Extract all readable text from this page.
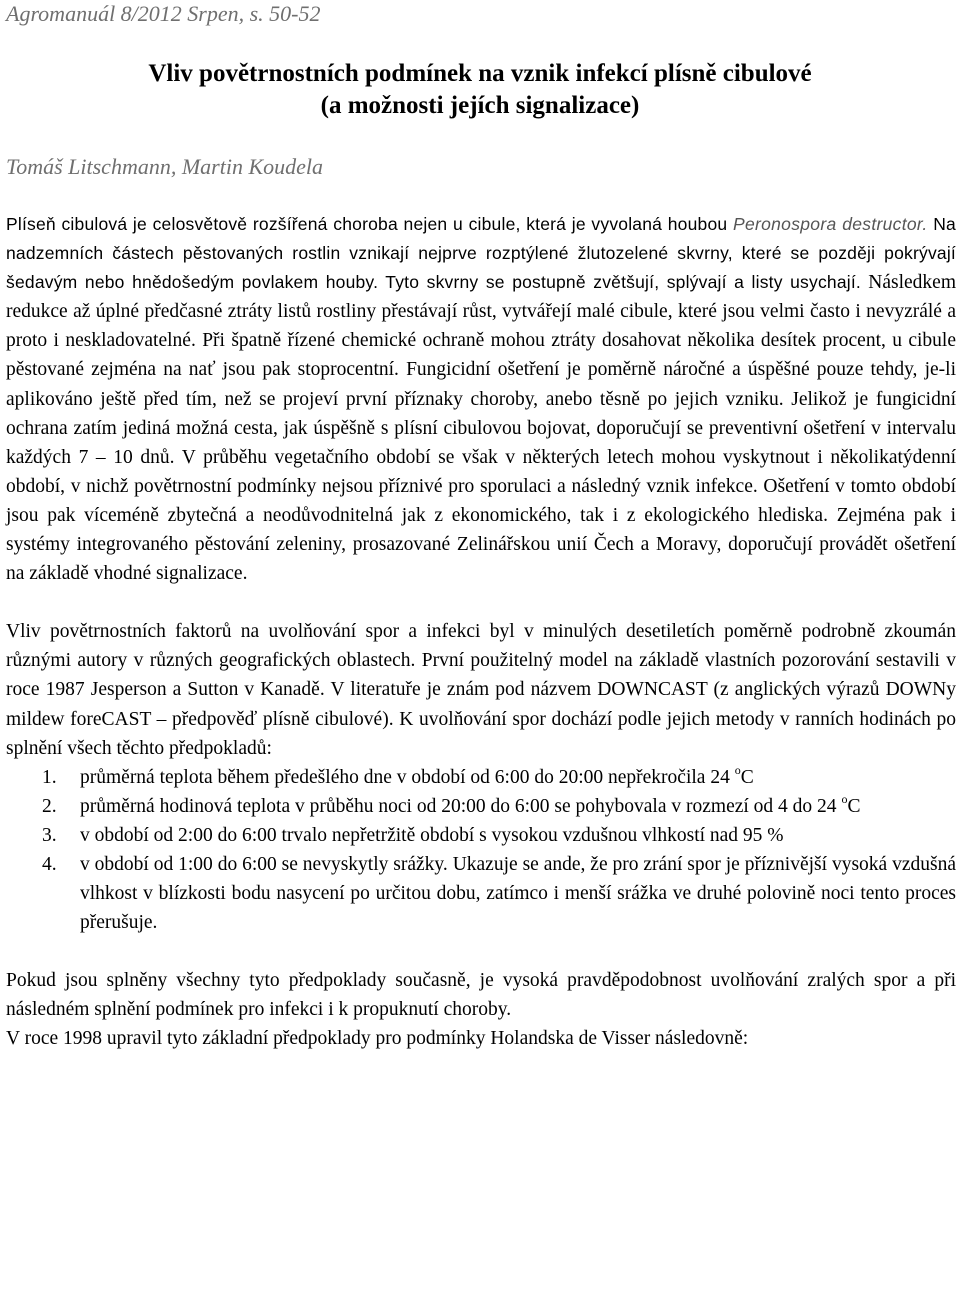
Agromanuál 8/2012 Srpen, s. 50-52
Vliv povětrnostních podmínek na vznik infekcí plísně cibulové
(a možnosti jejích signalizace)
Tomáš Litschmann, Martin Koudela

Plíseň cibulová je celosvětově rozšířená choroba nejen u cibule, která je vyvolaná houbou Peronospora destructor. Na nadzemních částech pěstovaných rostlin vznikají nejprve rozptýlené žlutozelené skvrny, které se později pokrývají šedavým nebo hnědošedým povlakem houby. Tyto skvrny se postupně zvětšují, splývají a listy usychají. Následkem redukce až úplné předčasné ztráty listů rostliny přestávají růst, vytvářejí malé cibule, které jsou velmi často i nevyzrálé a proto i neskladovatelné. Při špatně řízené chemické ochraně mohou ztráty dosahovat několika desítek procent, u cibule pěstované zejména na nať jsou pak stoprocentní. Fungicidní ošetření je poměrně náročné a úspěšné pouze tehdy, je-li aplikováno ještě před tím, než se projeví první příznaky choroby, anebo těsně po jejich vzniku. Jelikož je fungicidní ochrana zatím jediná možná cesta, jak úspěšně s plísní cibulovou bojovat, doporučují se preventivní ošetření v intervalu každých 7 – 10 dnů. V průběhu vegetačního období se však v některých letech mohou vyskytnout i několikatýdenní období, v nichž povětrnostní podmínky nejsou příznivé pro sporulaci a následný vznik infekce. Ošetření v tomto období jsou pak víceméně zbytečná a neodůvodnitelná jak z ekonomického, tak i z ekologického hlediska. Zejména pak i systémy integrovaného pěstování zeleniny, prosazované Zelinářskou unií Čech a Moravy, doporučují provádět ošetření na základě vhodné signalizace.

Vliv povětrnostních faktorů na uvolňování spor a infekci byl v minulých desetiletích poměrně podrobně zkoumán různými autory v různých geografických oblastech. První použitelný model na základě vlastních pozorování sestavili v roce 1987 Jesperson a Sutton v Kanadě. V literatuře je znám pod názvem DOWNCAST (z anglických výrazů DOWNy mildew foreCAST – předpověď plísně cibulové). K uvolňování spor dochází podle jejich metody v ranních hodinách po splnění všech těchto předpokladů:

1. průměrná teplota během předešlého dne v období od 6:00 do 20:00 nepřekročila 24 $^o$C
2. průměrná hodinová teplota v průběhu noci od 20:00 do 6:00 se pohybovala v rozmezí od 4 do 24 $^o$C
3. v období od 2:00 do 6:00 trvalo nepřetržitě období s vysokou vzdušnou vlhkostí nad 95 %
4. v období od 1:00 do 6:00 se nevyskytly srážky. Ukazuje se ande, že pro zrání spor je příznivější vysoká vzdušná vlhkost v blízkosti bodu nasycení po určitou dobu, zatímco i menší srážka ve druhé polovině noci tento proces přerušuje.

Pokud jsou splněny všechny tyto předpoklady současně, je vysoká pravděpodobnost uvolňování zralých spor a při následném splnění podmínek pro infekci i k propuknutí choroby.

V roce 1998 upravil tyto základní předpoklady pro podmínky Holandska de Visser následovně:
